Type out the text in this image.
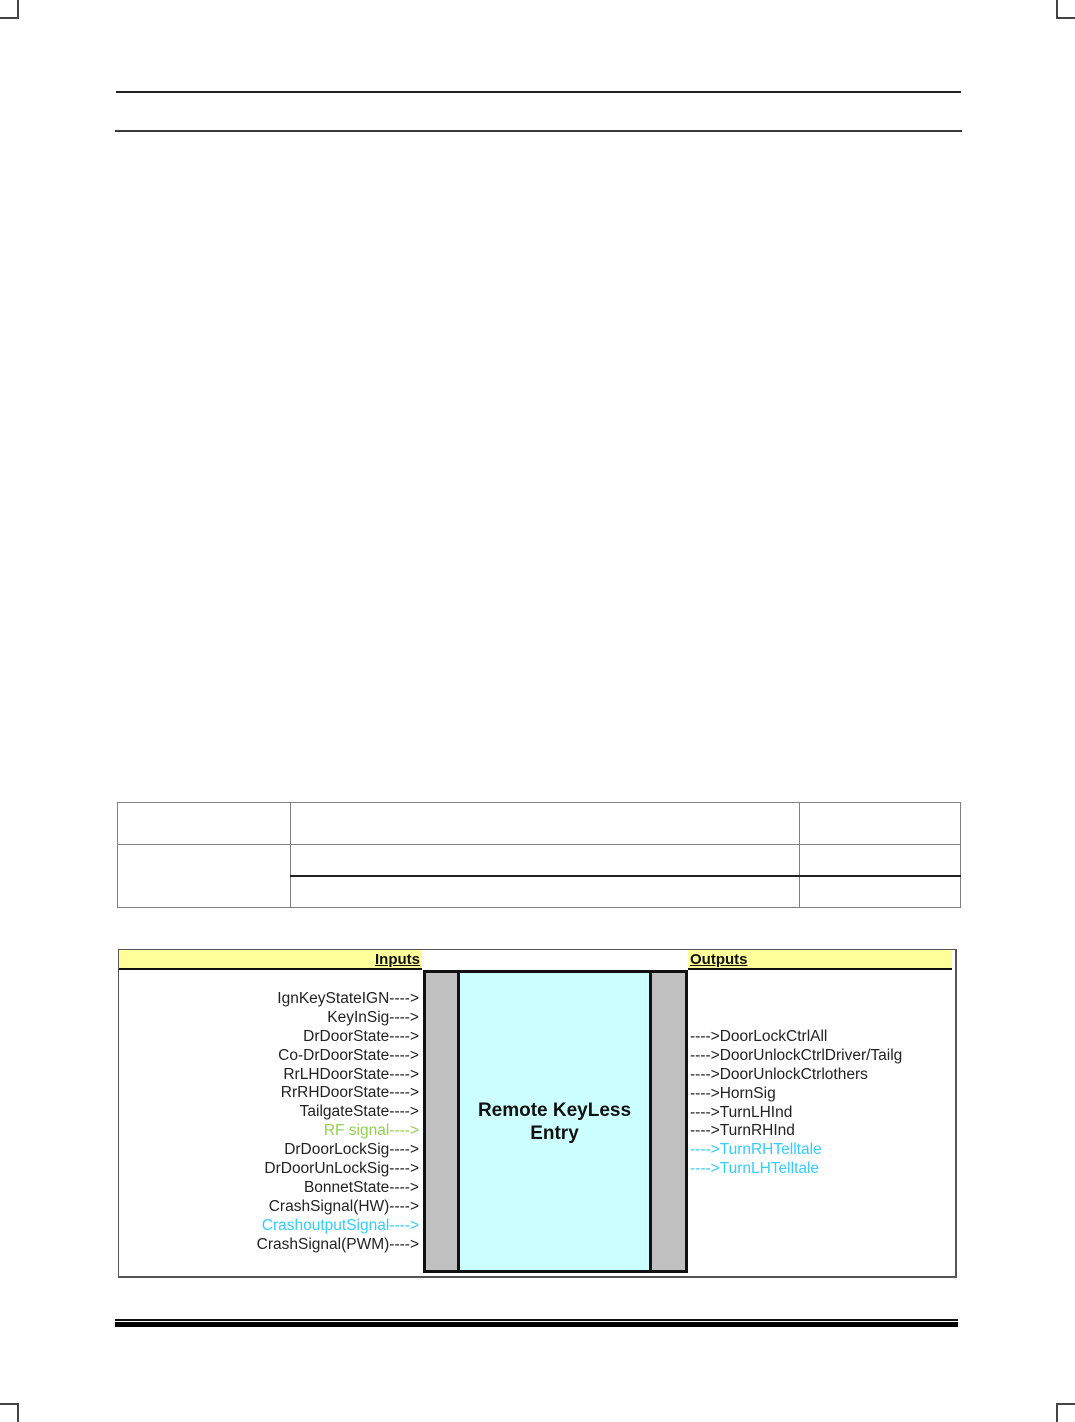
Inputs	Outputs
Remote KeyLess
Entry
IgnKeyStateIGN---->
KeyInSig---->
DrDoorState---->
Co-DrDoorState---->
RrLHDoorState---->
RrRHDoorState---->
TailgateState---->
RF signal---->
DrDoorLockSig---->
DrDoorUnLockSig---->
BonnetState---->
CrashSignal(HW)---->
CrashoutputSignal---->
CrashSignal(PWM)---->
---->DoorLockCtrlAll
---->DoorUnlockCtrlDriver/Tailg
---->DoorUnlockCtrlothers
---->HornSig
---->TurnLHInd
---->TurnRHInd
---->TurnRHTelltale
---->TurnLHTelltale
